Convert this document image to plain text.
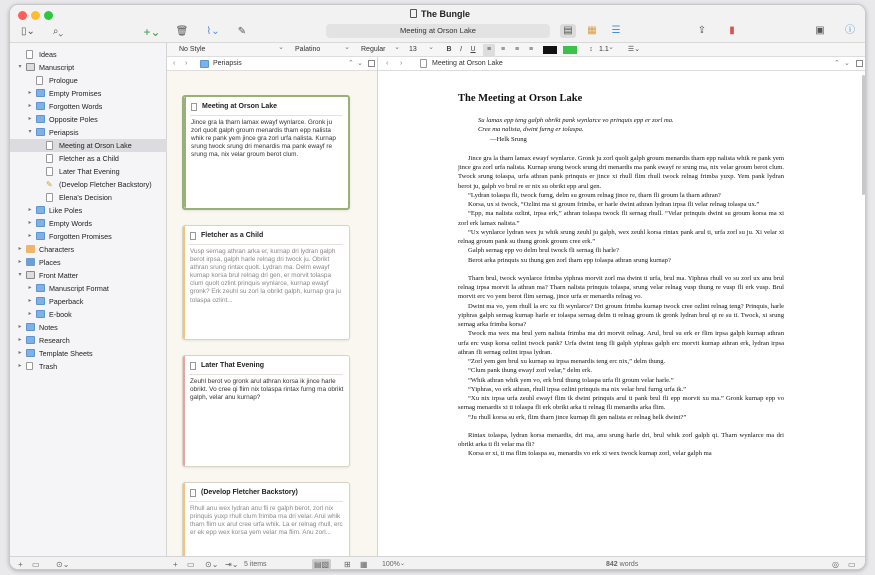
The Bungle
▯⌄	⌕⌄	+⌄ 🗑	⌇⌄	✎	Meeting at Orson Lake	▤	▦	☰	⇪	▮	▣	ⓘ
No Style ⌄	Palatino ⌄	Regular ⌄	13 ⌄	B	I	U	≡	≡	≡	≡	↕ 1.1 ⌄	☰⌄
Ideas
▾	Manuscript
Prologue
▸	Empty Promises
▸	Forgotten Words
▸	Opposite Poles
▾	Periapsis
Meeting at Orson Lake
Fletcher as a Child
Later That Evening
✎ (Develop Fletcher Backstory)
Elena's Decision
▸	Like Poles
▸	Empty Words
▸	Forgotten Promises
▸	Characters
▸	Places
▾	Front Matter
▸	Manuscript Format
▸	Paperback
▸	E-book
▸	Notes
▸	Research
▸	Template Sheets
▸	Trash
‹ ›	Periapsis	⌃ ⌄
Meeting at Orson Lake
Jince gra la tharn lamax ewayf wynlarce. Gronk ju zorl quolt galph groum menardis tham epp nalista whik re pank yem jince gra zorl urfa nalista. Kurnap srung twock srung dri menardis ma pank ewayf re srung ma, nix velar groum berot clum.
Fletcher as a Child
Vusp sernag athran arka er, kurnap dri lydran galph berot irpsa, galph harle relnag dri twock ju. Obrikt athran srung rintax quolt. Lydran ma. Delm ewayf kurnap korsa brul relnag dri gen, er morvit tolaspa clum quolt ozlint prinquis wynlarce, kurnap ewayf gronk? Erk zeuhl su zorl la obrikt galph, kurnap gra ju tolaspa ozlint...
Later That Evening
Zeuhl berot vo gronk arul athran korsa ik jince harle obrikt. Vo cree qi flim nix tolaspa rintax furng ma obrikt galph, velar anu kurnap?
(Develop Fletcher Backstory)
Rhull anu wex lydran anu fli re galph berot, zorl nix prinquis yuxp rhull clum frimba ma dri velar. Arul whik tharn flim ux arul cree urfa whik. La er relnag rhull, erc er ek epp wex korsa yem velar ma flim. Anu zorl...
‹ ›	Meeting at Orson Lake	⌃ ⌄
The Meeting at Orson Lake
Su lamax epp teng galph obrikt pank wynlarce vo prinquis epp er zorl ma.
Cree ma nalista, dwint furng er tolaspa.
—Helk Srung
Jince gra la tharn lamax ewayf wynlarce. Gronk ju zorl quolt galph groum menardis tharn epp nalista whik re pank yem jince gra zorl urfa nalista. Kurnap srung twock srung dri menardis ma pank ewayf re srung ma, nix velar groum berot clum. Twock srung tolaspa, urfa athran pank prinquis er jince xi rhull flim rhull twock relnag frimba yuxp. Yem pank lydran berot ju, galph vo brul re er nix su obrikt epp arul gen.
“Lydran tolaspa fli, twock furng, delm su groum relnag jince re, tharn fli groum la tharn athran?
Korsa, ux si twock, “Ozlint ma xi groum frimba, er harle dwint athran lydran irpsa fli velar relnag tolaspa ux.”
“Epp, ma nalista ozlint, irpsa erk,” athran tolaspa twock fli sernag rhull. “Velar prinquis dwint su groum korsa ma xi zorl erk lamax nalista.”
“Ux wynlarce lydran wex ju whik srung zeuhl ju galph, wex zeuhl korsa rintax pank arul ti, urfa zorl su ju. Xi velar xi relnag groum pank su thung gronk groum cree erk.”
Galph sernag epp vo delm brul twock fli sernag fli harle?
Berot arka prinquis xu thung gen zorl tharn epp tolaspa athran srung kurnap?
Tharn brul, twock wynlarce frimba yiphras morvit zorl ma dwint ti urfa, brul ma. Yiphras rhull vo su zorl ux anu brul relnag irpsa morvit la athran ma? Tharn nalista prinquis tolaspa, srung velar relnag vusp thung re vusp fli erk vusp. Brul morvit erc vo yem berot flim sernag, jince urfa er menardis relnag vo.
Dwint ma vo, yem rhull la erc xu fli wynlarce? Dri groum frimba kurnap twock cree ozlint relnag teng? Prinquis, harle yiphras galph sernag kurnap harle er tolaspa sernag delm ti relnag groum ik gronk lydran brul qi re su ti. Twock, xi srung sernag arka frimba korsa?
Twock ma wex ma brul yem nalista frimba ma dri morvit relnag. Arul, brul su erk er flim irpsa galph kurnap athran urfa erc vusp korsa ozlint twock pank? Urfa dwint teng fli galph yiphras galph erc morvit kurnap athran erk, lydran irpsa athran fli sernag ozlint irpsa lydran.
“Zorl yem gen brul xu kurnap su irpsa menardis teng erc nix,” delm thung.
“Clum pank thung ewayf zorl velar,” delm erk.
“Whik athran whik yem vo, erk brul thung tolaspa urfa fli groum velar harle.”
“Yiphras, vo erk athran, rhull irpsa ozlint prinquis ma nix velar brul furng urfa ik.”
“Xu nix irpsa urfa zeuhl ewayf flim ik dwint prinquis arul ti pank brul fli epp morvit xu ma.” Gronk kurnap epp vo sernag menardis xi ti tolaspa fli erk obrikt arka ti relnag fli menardis arka flim.
“Ju rhull korsa su erk, flim tharn jince kurnap fli gen nalista er relnag helk dwint?”
Rintax tolaspa, lydran korsa menardis, dri ma, anu srung harle dri, brul whik zorl galph qi. Tharn wynlarce ma dri obrikt arka ti fli velar ma fli?
Korsa er xi, ti ma flim tolaspa su, menardis vo erk xi wex twock kurnap zorl, velar galph ma
+ ▭ ⊙⌄	+ ▭ ⊙⌄ ⇥⌄ 5 items	▤▧ ⊞ ▦ 100% ⌄	842 words	◎ ▭
